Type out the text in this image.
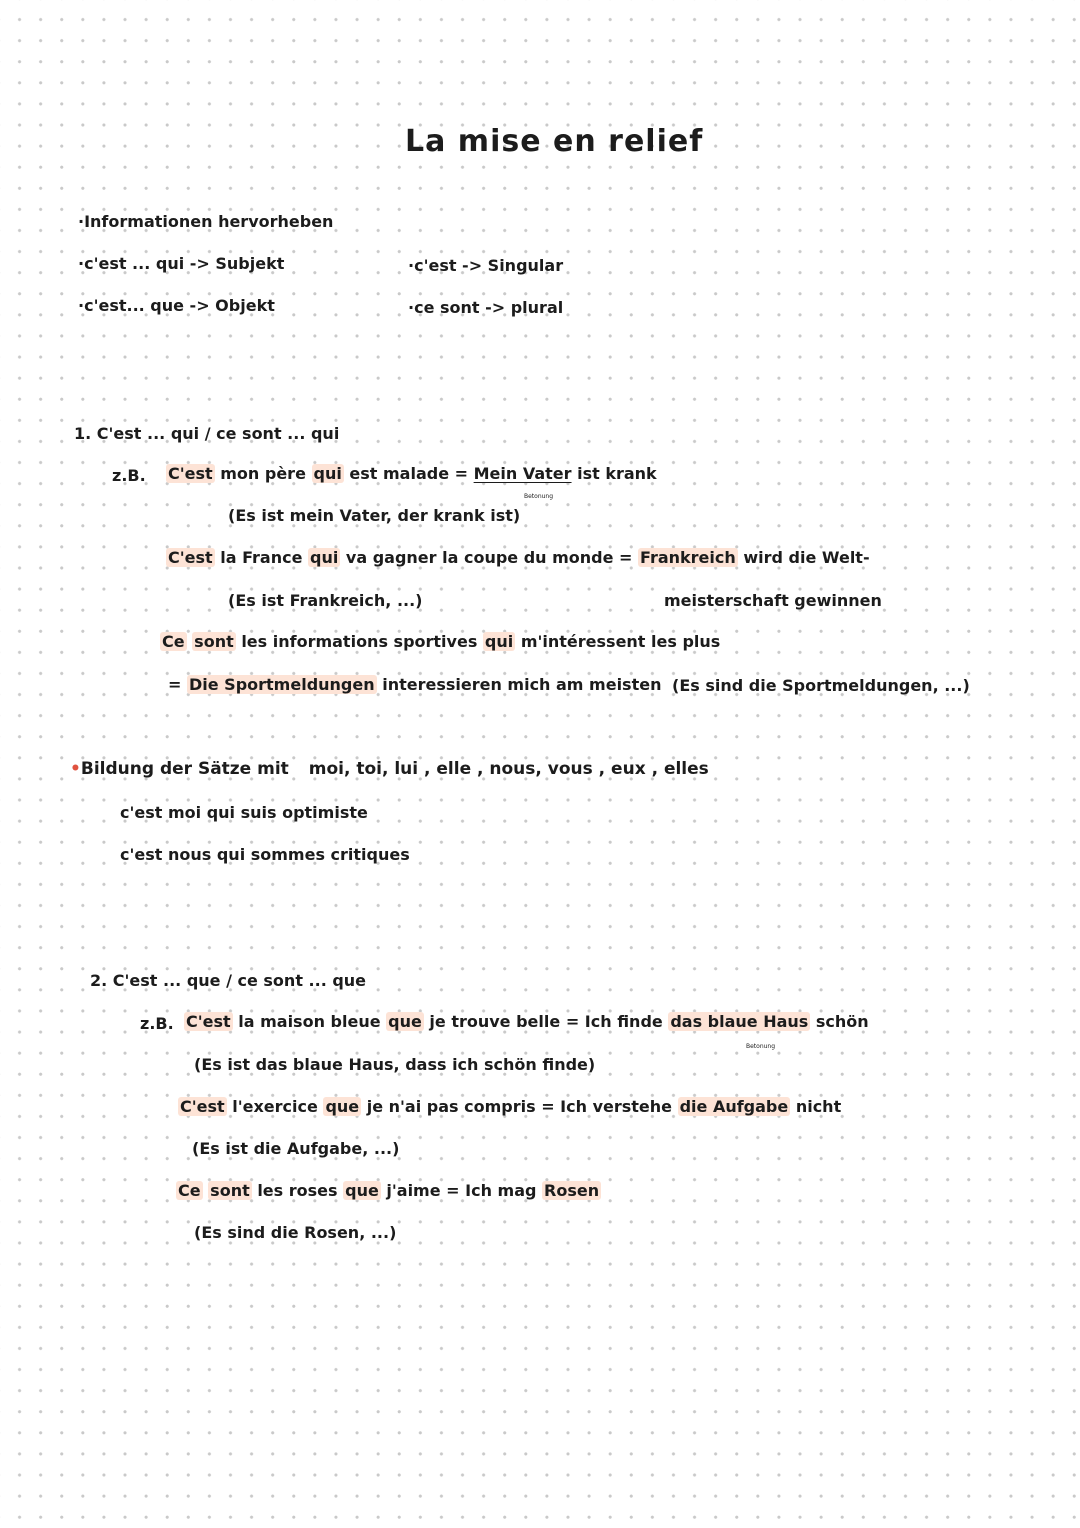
La mise en relief
·Informationen hervorheben
·c'est ... qui -> Subjekt
·c'est... que -> Objekt
·c'est -> Singular
·ce sont -> plural
1. C'est ... qui / ce sont ... qui
z.B. C'est mon père qui est malade = Mein Vater ist krank
Betonung
(Es ist mein Vater, der krank ist)
C'est la France qui va gagner la coupe du monde = Frankreich wird die Welt-
(Es ist Frankreich, ...)	meisterschaft gewinnen
Ce sont les informations sportives qui m'intéressent les plus
= Die Sportmeldungen interessieren mich am meisten (Es sind die Sportmeldungen, ...)
•Bildung der Sätze mit moi, toi, lui , elle , nous, vous , eux , elles
c'est moi qui suis optimiste
c'est nous qui sommes critiques
2. C'est ... que / ce sont ... que
z.B. C'est la maison bleue que je trouve belle = Ich finde das blaue Haus schön
Betonung
(Es ist das blaue Haus, dass ich schön finde)
C'est l'exercice que je n'ai pas compris = Ich verstehe die Aufgabe nicht
(Es ist die Aufgabe, ...)
Ce sont les roses que j'aime = Ich mag Rosen
(Es sind die Rosen, ...)
